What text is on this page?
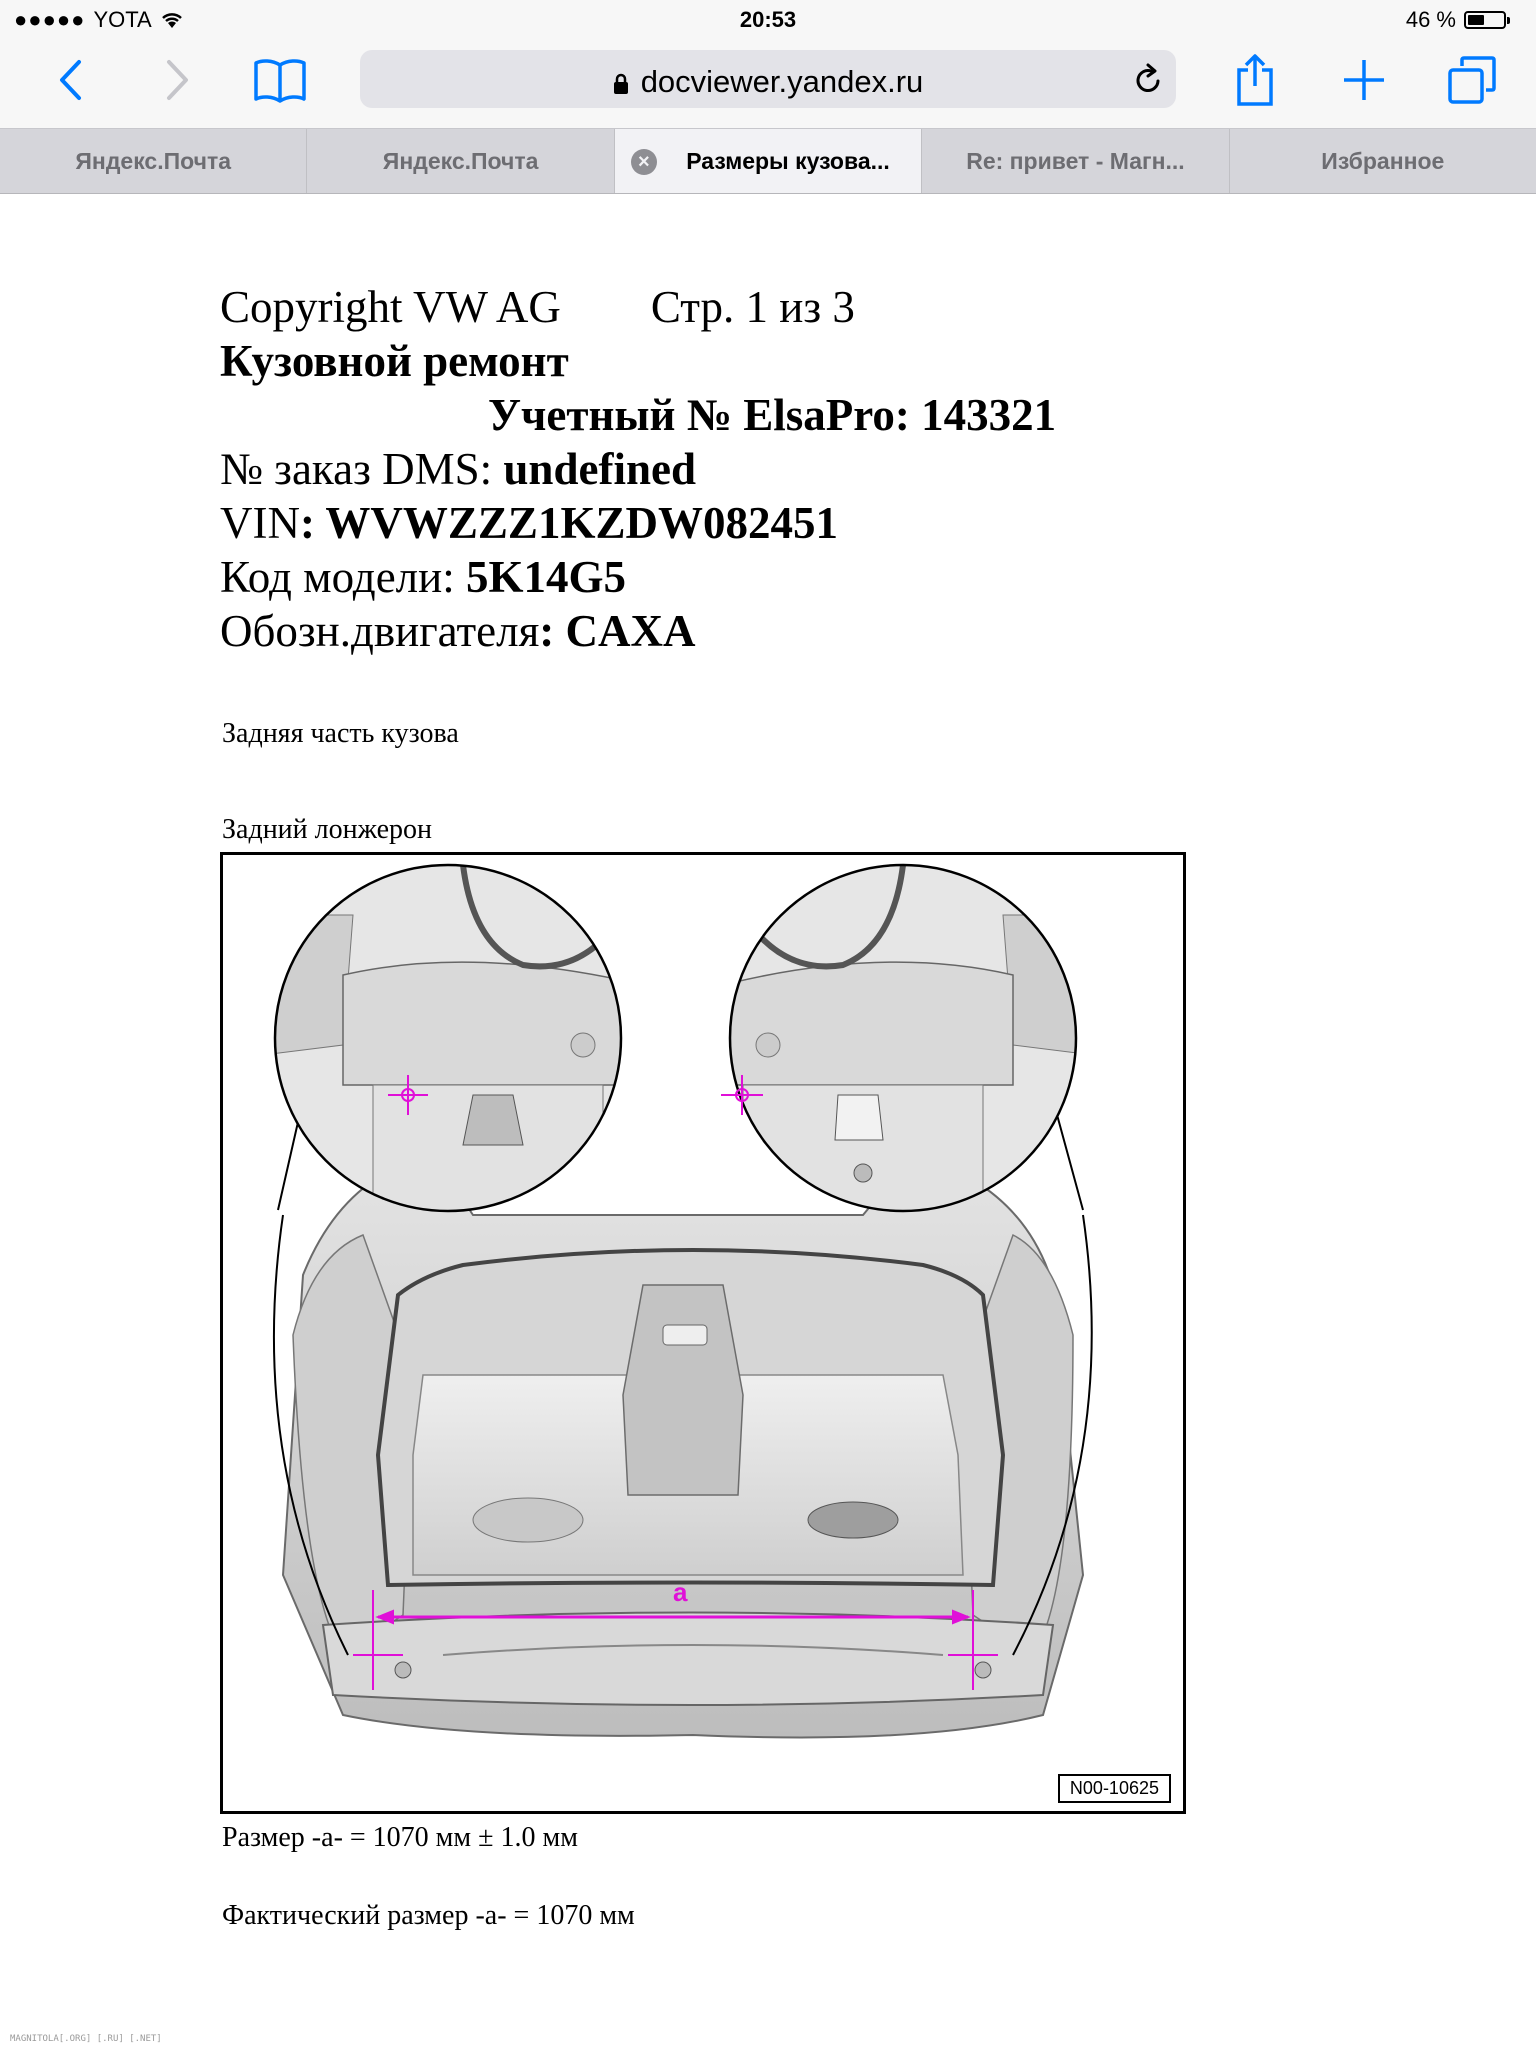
●●●●● YOTA	20:53	46 %
docviewer.yandex.ru
Яндекс.Почта	Яндекс.Почта	×	Размеры кузова...	Re: привет - Магн...	Избранное
Copyright VW AG Стр. 1 из 3
Кузовной ремонт
Учетный № ElsaPro: 143321
№ заказ DMS: undefined
VIN: WVWZZZ1KZDW082451
Код модели: 5K14G5
Обозн.двигателя: CAXA
Задняя часть кузова
Задний лонжерон
a
N00-10625
Размер -a- = 1070 мм ± 1.0 мм
Фактический размер -a- = 1070 мм
MAGNITOLA[.ORG] [.RU] [.NET]
